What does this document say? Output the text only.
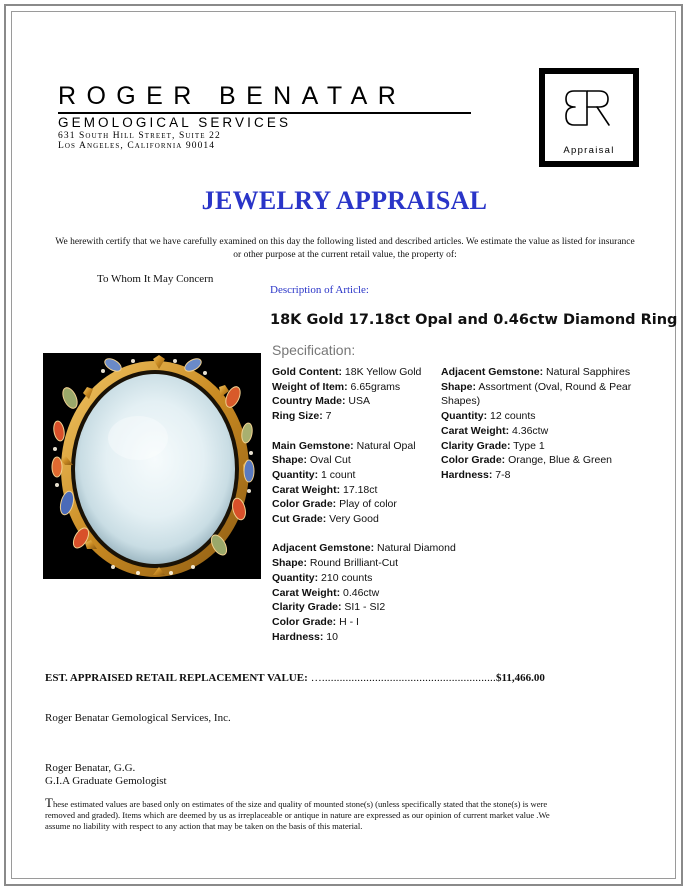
ROGER BENATAR
GEMOLOGICAL SERVICES
631 South Hill Street, Suite 22
Los Angeles, California 90014	Appraisal
JEWELRY APPRAISAL
We herewith certify that we have carefully examined on this day the following listed and described articles. We estimate the value as listed for insurance or other purpose at the current retail value, the property of:
To Whom It May Concern
Description of Article:
18K Gold 17.18ct Opal and 0.46ctw Diamond Ring
Specification:
Gold Content: 18K Yellow Gold
Weight of Item: 6.65grams
Country Made: USA
Ring Size: 7
Main Gemstone: Natural Opal
Shape: Oval Cut
Quantity: 1 count
Carat Weight: 17.18ct
Color Grade: Play of color
Cut Grade: Very Good
Adjacent Gemstone: Natural Diamond
Shape: Round Brilliant-Cut
Quantity: 210 counts
Carat Weight: 0.46ctw
Clarity Grade: SI1 - SI2
Color Grade: H - I
Hardness: 10
Adjacent Gemstone: Natural Sapphires
Shape: Assortment (Oval, Round & Pear Shapes)
Quantity: 12 counts
Carat Weight: 4.36ctw
Clarity Grade: Type 1
Color Grade: Orange, Blue & Green
Hardness: 7-8
EST. APPRAISED RETAIL REPLACEMENT VALUE: …...........................................................$11,466.00
Roger Benatar Gemological Services, Inc.
Roger Benatar, G.G.
G.I.A Graduate Gemologist
These estimated values are based only on estimates of the size and quality of mounted stone(s) (unless specifically stated that the stone(s) is were removed and graded). Items which are deemed by us as irreplaceable or antique in nature are expressed as our opinion of current market value .We assume no liability with respect to any action that may be taken on the basis of this material.
